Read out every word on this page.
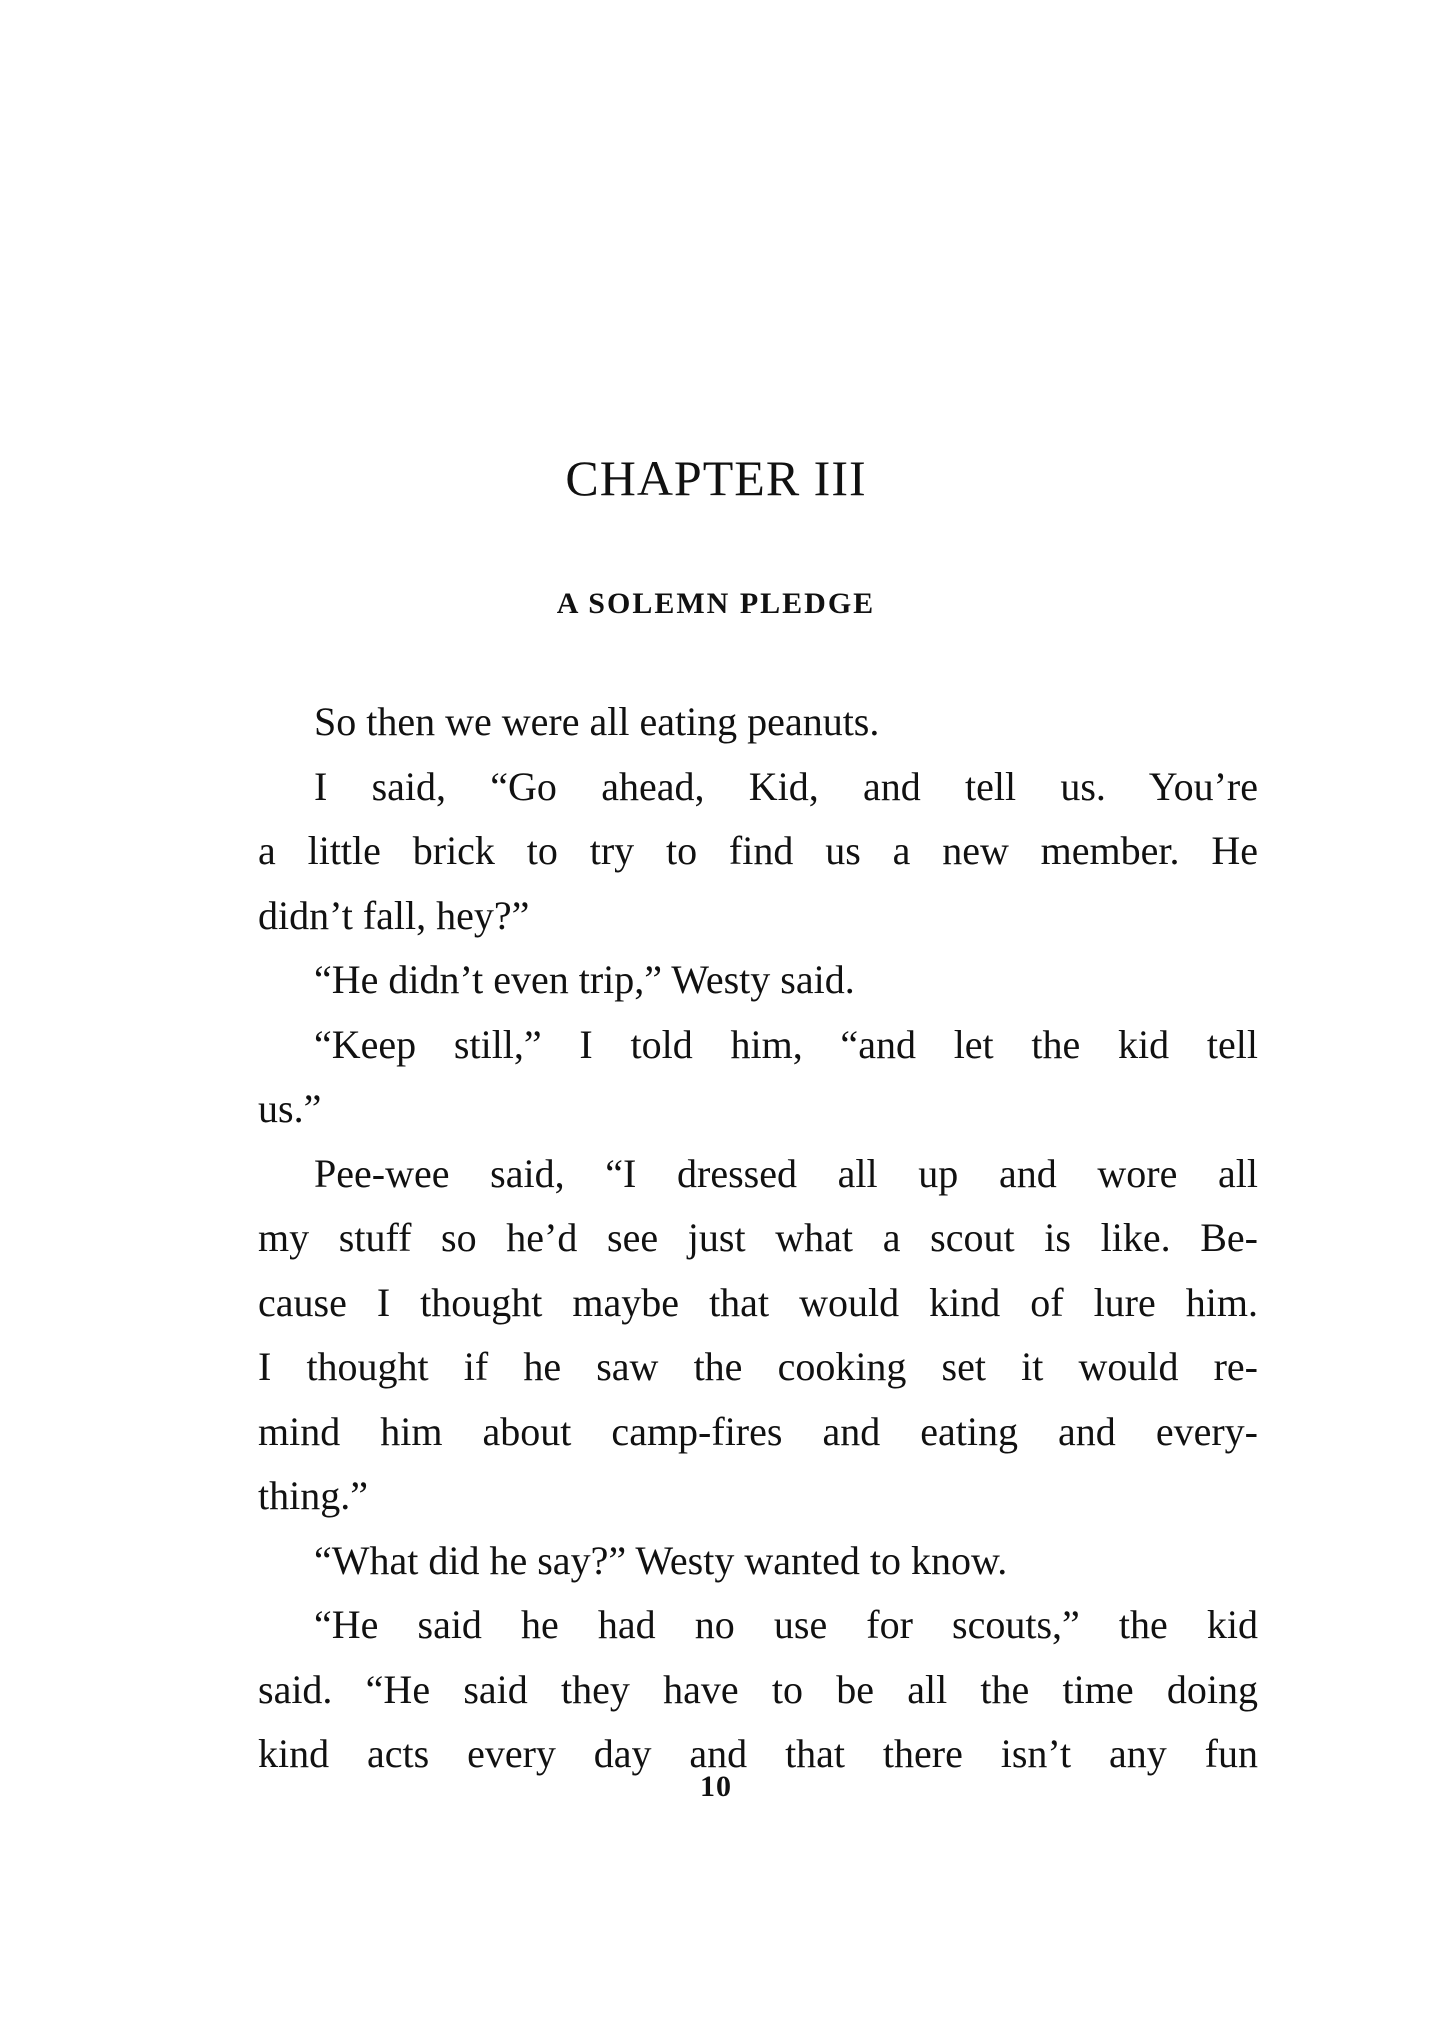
CHAPTER III
A SOLEMN PLEDGE
So then we were all eating peanuts.
I said, “Go ahead, Kid, and tell us. You’re
a little brick to try to find us a new member. He
didn’t fall, hey?”
“He didn’t even trip,” Westy said.
“Keep still,” I told him, “and let the kid tell
us.”
Pee-wee said, “I dressed all up and wore all
my stuff so he’d see just what a scout is like. Be-
cause I thought maybe that would kind of lure him.
I thought if he saw the cooking set it would re-
mind him about camp-fires and eating and every-
thing.”
“What did he say?” Westy wanted to know.
“He said he had no use for scouts,” the kid
said. “He said they have to be all the time doing
kind acts every day and that there isn’t any fun
10
